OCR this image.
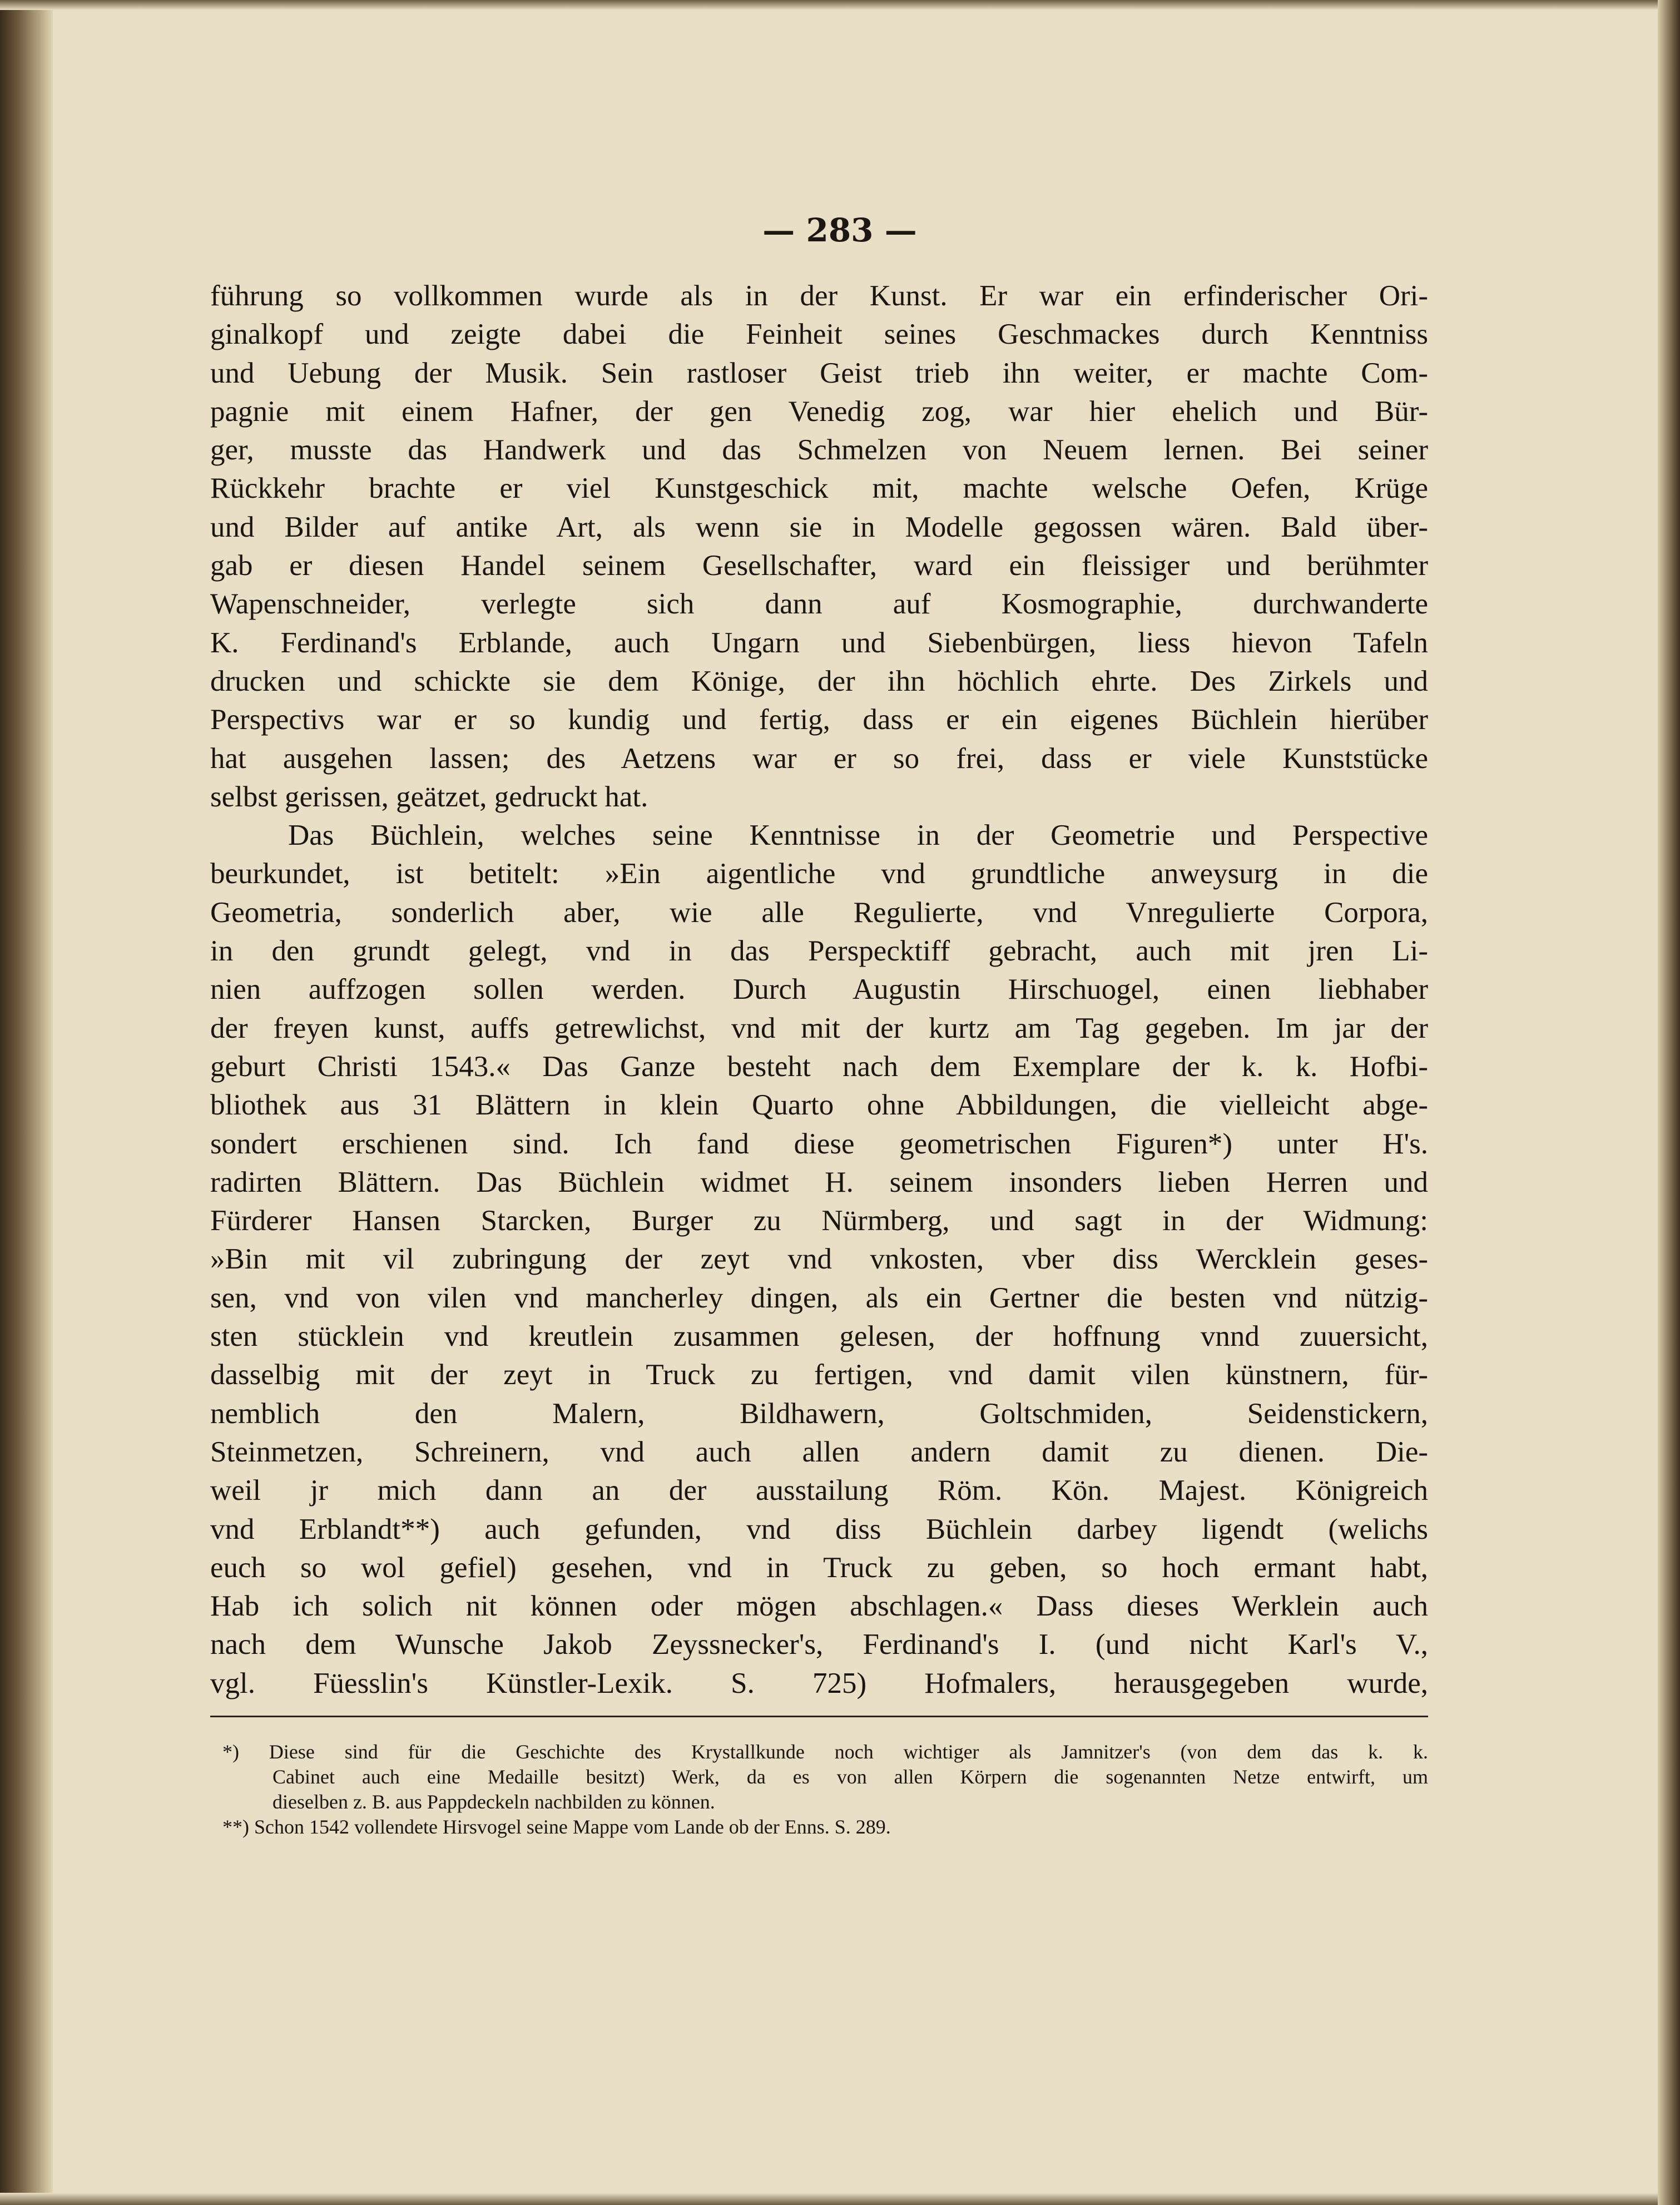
— 283 —
führung so vollkommen wurde als in der Kunst. Er war ein erfinderischer Ori-
ginalkopf und zeigte dabei die Feinheit seines Geschmackes durch Kenntniss
und Uebung der Musik. Sein rastloser Geist trieb ihn weiter, er machte Com-
pagnie mit einem Hafner, der gen Venedig zog, war hier ehelich und Bür-
ger, musste das Handwerk und das Schmelzen von Neuem lernen. Bei seiner
Rückkehr brachte er viel Kunstgeschick mit, machte welsche Oefen, Krüge
und Bilder auf antike Art, als wenn sie in Modelle gegossen wären. Bald über-
gab er diesen Handel seinem Gesellschafter, ward ein fleissiger und berühmter
Wapenschneider, verlegte sich dann auf Kosmographie, durchwanderte
K. Ferdinand's Erblande, auch Ungarn und Siebenbürgen, liess hievon Tafeln
drucken und schickte sie dem Könige, der ihn höchlich ehrte. Des Zirkels und
Perspectivs war er so kundig und fertig, dass er ein eigenes Büchlein hierüber
hat ausgehen lassen; des Aetzens war er so frei, dass er viele Kunststücke
selbst gerissen, geätzet, gedruckt hat.
Das Büchlein, welches seine Kenntnisse in der Geometrie und Perspective
beurkundet, ist betitelt: »Ein aigentliche vnd grundtliche anweysurg in die
Geometria, sonderlich aber, wie alle Regulierte, vnd Vnregulierte Corpora,
in den grundt gelegt, vnd in das Perspecktiff gebracht, auch mit jren Li-
nien auffzogen sollen werden. Durch Augustin Hirschuogel, einen liebhaber
der freyen kunst, auffs getrewlichst, vnd mit der kurtz am Tag gegeben. Im jar der
geburt Christi 1543.« Das Ganze besteht nach dem Exemplare der k. k. Hofbi-
bliothek aus 31 Blättern in klein Quarto ohne Abbildungen, die vielleicht abge-
sondert erschienen sind. Ich fand diese geometrischen Figuren*) unter H's.
radirten Blättern. Das Büchlein widmet H. seinem insonders lieben Herren und
Fürderer Hansen Starcken, Burger zu Nürmberg, und sagt in der Widmung:
»Bin mit vil zubringung der zeyt vnd vnkosten, vber diss Wercklein geses-
sen, vnd von vilen vnd mancherley dingen, als ein Gertner die besten vnd nützig-
sten stücklein vnd kreutlein zusammen gelesen, der hoffnung vnnd zuuersicht,
dasselbig mit der zeyt in Truck zu fertigen, vnd damit vilen künstnern, für-
nemblich den Malern, Bildhawern, Goltschmiden, Seidenstickern,
Steinmetzen, Schreinern, vnd auch allen andern damit zu dienen. Die-
weil jr mich dann an der ausstailung Röm. Kön. Majest. Königreich
vnd Erblandt**) auch gefunden, vnd diss Büchlein darbey ligendt (welichs
euch so wol gefiel) gesehen, vnd in Truck zu geben, so hoch ermant habt,
Hab ich solich nit können oder mögen abschlagen.« Dass dieses Werklein auch
nach dem Wunsche Jakob Zeyssnecker's, Ferdinand's I. (und nicht Karl's V.,
vgl. Füesslin's Künstler-Lexik. S. 725) Hofmalers, herausgegeben wurde,
*) Diese sind für die Geschichte des Krystallkunde noch wichtiger als Jamnitzer's (von dem das k. k.
Cabinet auch eine Medaille besitzt) Werk, da es von allen Körpern die sogenannten Netze entwirft, um
dieselben z. B. aus Pappdeckeln nachbilden zu können.
**) Schon 1542 vollendete Hirsvogel seine Mappe vom Lande ob der Enns. S. 289.
